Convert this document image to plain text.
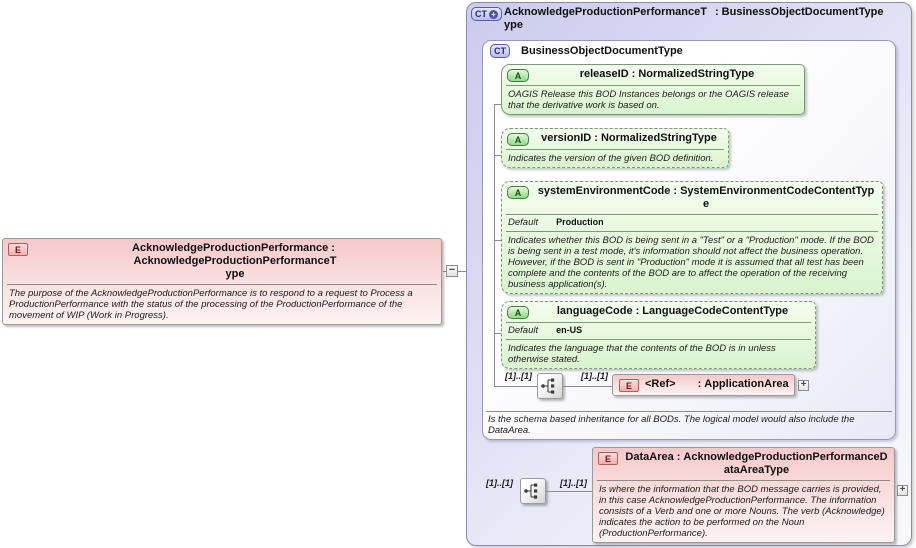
CT + AcknowledgeProductionPerformanceType: BusinessObjectDocumentType
CT BusinessObjectDocumentType
A	releaseID : NormalizedStringType
OAGIS Release this BOD Instances belongs or the OAGIS release that the derivative work is based on.
A	versionID : NormalizedStringType
Indicates the version of the given BOD definition.
A systemEnvironmentCode : SystemEnvironmentCodeContentType
Default Production
Indicates whether this BOD is being sent in a "Test" or a "Production" mode. If the BOD is being sent in a test mode, it's information should not affect the business operation. However, if the BOD is sent in "Production" mode it is assumed that all test has been complete and the contents of the BOD are to affect the operation of the receiving business application(s).
A	languageCode : LanguageCodeContentType
Default en-US
Indicates the language that the contents of the BOD is in unless otherwise stated.
[1]..[1]	[1]..[1]
E <Ref> : ApplicationArea +
Is the schema based inheritance for all BODs. The logical model would also include the DataArea.
[1]..[1]	[1]..[1]
E DataArea : AcknowledgeProductionPerformanceDataAreaType
Is where the information that the BOD message carries is provided, in this case AcknowledgeProductionPerformance. The information consists of a Verb and one or more Nouns. The verb (Acknowledge) indicates the action to be performed on the Noun (ProductionPerformance).
+
E	AcknowledgeProductionPerformance :AcknowledgeProductionPerformanceType
The purpose of the AcknowledgeProductionPerformance is to respond to a request to Process a ProductionPerformance with the status of the processing of the ProductionPerformance of the movement of WIP (Work in Progress).
−
